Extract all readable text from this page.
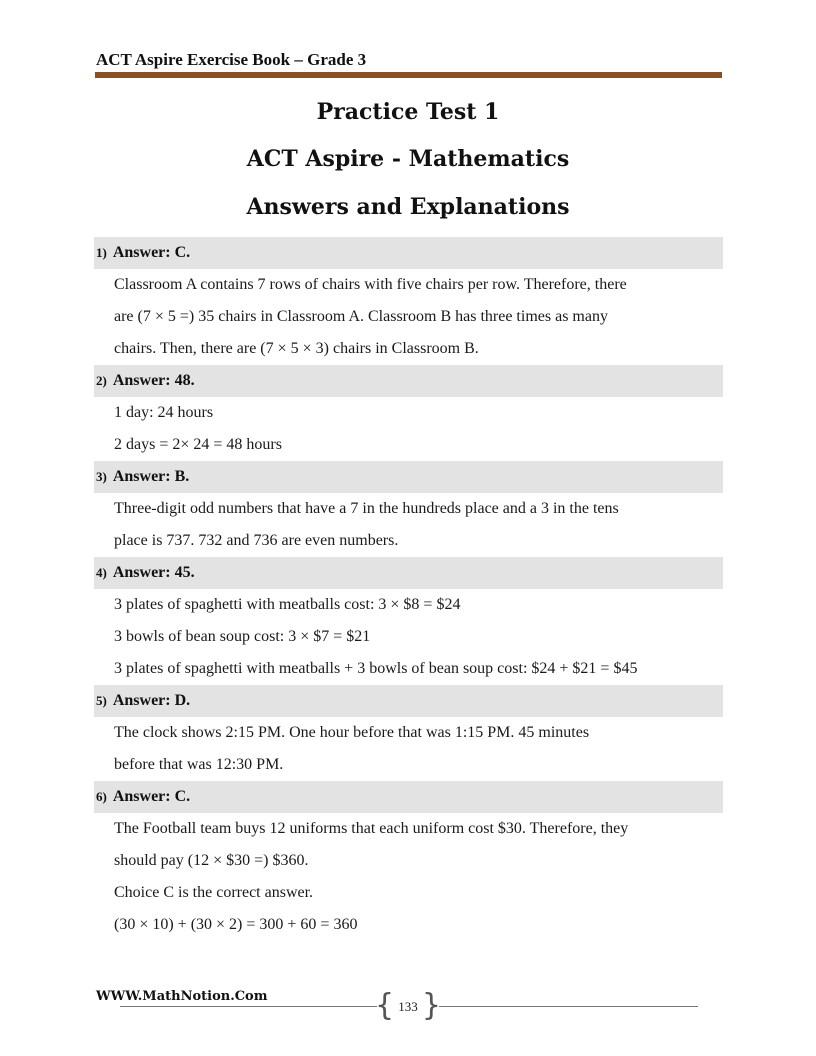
ACT Aspire Exercise Book – Grade 3
Practice Test 1
ACT Aspire - Mathematics
Answers and Explanations
1) Answer: C.
Classroom A contains 7 rows of chairs with five chairs per row. Therefore, there
are (7 × 5 =) 35 chairs in Classroom A. Classroom B has three times as many
chairs. Then, there are (7 × 5 × 3) chairs in Classroom B.
2) Answer: 48.
1 day: 24 hours
2 days = 2× 24 = 48 hours
3) Answer: B.
Three-digit odd numbers that have a 7 in the hundreds place and a 3 in the tens
place is 737. 732 and 736 are even numbers.
4) Answer: 45.
3 plates of spaghetti with meatballs cost: 3 × $8 = $24
3 bowls of bean soup cost: 3 × $7 = $21
3 plates of spaghetti with meatballs + 3 bowls of bean soup cost: $24 + $21 = $45
5) Answer: D.
The clock shows 2:15 PM. One hour before that was 1:15 PM. 45 minutes
before that was 12:30 PM.
6) Answer: C.
The Football team buys 12 uniforms that each uniform cost $30. Therefore, they
should pay (12 × $30 =) $360.
Choice C is the correct answer.
(30 × 10) + (30 × 2) = 300 + 60 = 360
WWW.MathNotion.Com	{ 133 }
